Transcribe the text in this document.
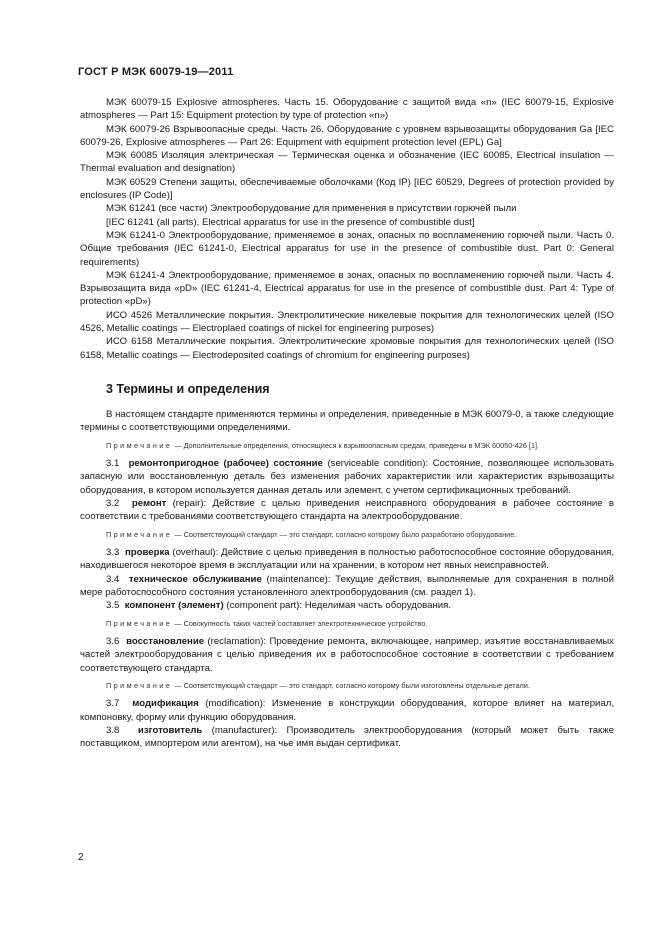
ГОСТ Р МЭК 60079-19—2011

МЭК 60079-15 Explosive atmospheres. Часть 15. Оборудование с защитой вида «n» (IEC 60079-15, Explosive atmospheres — Part 15: Equipment protection by type of protection «n»)

МЭК 60079-26 Взрывоопасные среды. Часть 26. Оборудование с уровнем взрывозащиты оборудования Ga [IEC 60079-26, Explosive atmospheres — Part 26: Equipment with equipment protection level (EPL) Ga]

МЭК 60085 Изоляция электрическая — Термическая оценка и обозначение (IEC 60085, Electrical insulation — Thermal evaluation and designation)

МЭК 60529 Степени защиты, обеспечиваемые оболочками (Код IP) [IEC 60529, Degrees of protection provided by enclosures (IP Code)]

МЭК 61241 (все части) Электрооборудование для применения в присутствии горючей пыли

[IEC 61241 (all parts), Electrical apparatus for use in the presence of combustible dust]

МЭК 61241-0 Электрооборудование, применяемое в зонах, опасных по воспламенению горючей пыли. Часть 0. Общие требования (IEC 61241-0, Electrical apparatus for use in the presence of combustible dust. Part 0: General requirements)

МЭК 61241-4 Электрооборудование, применяемое в зонах, опасных по воспламенению горючей пыли. Часть 4. Взрывозащита вида «pD» (IEC 61241-4, Electrical apparatus for use in the presence of combustible dust. Part 4: Type of protection «pD»)

ИСО 4526 Металлические покрытия. Электролитические никелевые покрытия для технологических целей (ISO 4526, Metallic coatings — Electroplaed coatings of nickel for engineering purposes)

ИСО 6158 Металлические покрытия. Электролитические хромовые покрытия для технологических целей (ISO 6158, Metallic coatings — Electrodeposited coatings of chromium for engineering purposes)

3 Термины и определения

В настоящем стандарте применяются термины и определения, приведенные в МЭК 60079-0, а также следующие термины с соответствующими определениями.

Примечание — Дополнительные определения, относящиеся к взрывоопасным средам, приведены в МЭК 60050-426 [1].

3.1 ремонтопригодное (рабочее) состояние (serviceable condition): Состояние, позволяющее использовать запасную или восстановленную деталь без изменения рабочих характеристик или характеристик взрывозащиты оборудования, в котором используется данная деталь или элемент, с учетом сертификационных требований.

3.2 ремонт (repair): Действие с целью приведения неисправного оборудования в рабочее состояние в соответствии с требованиями соответствующего стандарта на электрооборудование.

Примечание — Соответствующий стандарт — это стандарт, согласно которому было разработано оборудование.

3.3 проверка (overhaul): Действие с целью приведения в полностью работоспособное состояние оборудования, находившегося некоторое время в эксплуатации или на хранении, в котором нет явных неисправностей.

3.4 техническое обслуживание (maintenance): Текущие действия, выполняемые для сохранения в полной мере работоспособного состояния установленного электрооборудования (см. раздел 1).

3.5 компонент (элемент) (component part): Неделимая часть оборудования.

Примечание — Совокупность таких частей составляет электротехническое устройство.

3.6 восстановление (reclamation): Проведение ремонта, включающее, например, изъятие восстанавливаемых частей электрооборудования с целью приведения их в работоспособное состояние в соответствии с требованием соответствующего стандарта.

Примечание — Соответствующий стандарт — это стандарт, согласно которому были изготовлены отдельные детали.

3.7 модификация (modification): Изменение в конструкции оборудования, которое влияет на материал, компоновку, форму или функцию оборудования.

3.8 изготовитель (manufacturer): Производитель электрооборудования (который может быть также поставщиком, импортером или агентом), на чье имя выдан сертификат.

2
